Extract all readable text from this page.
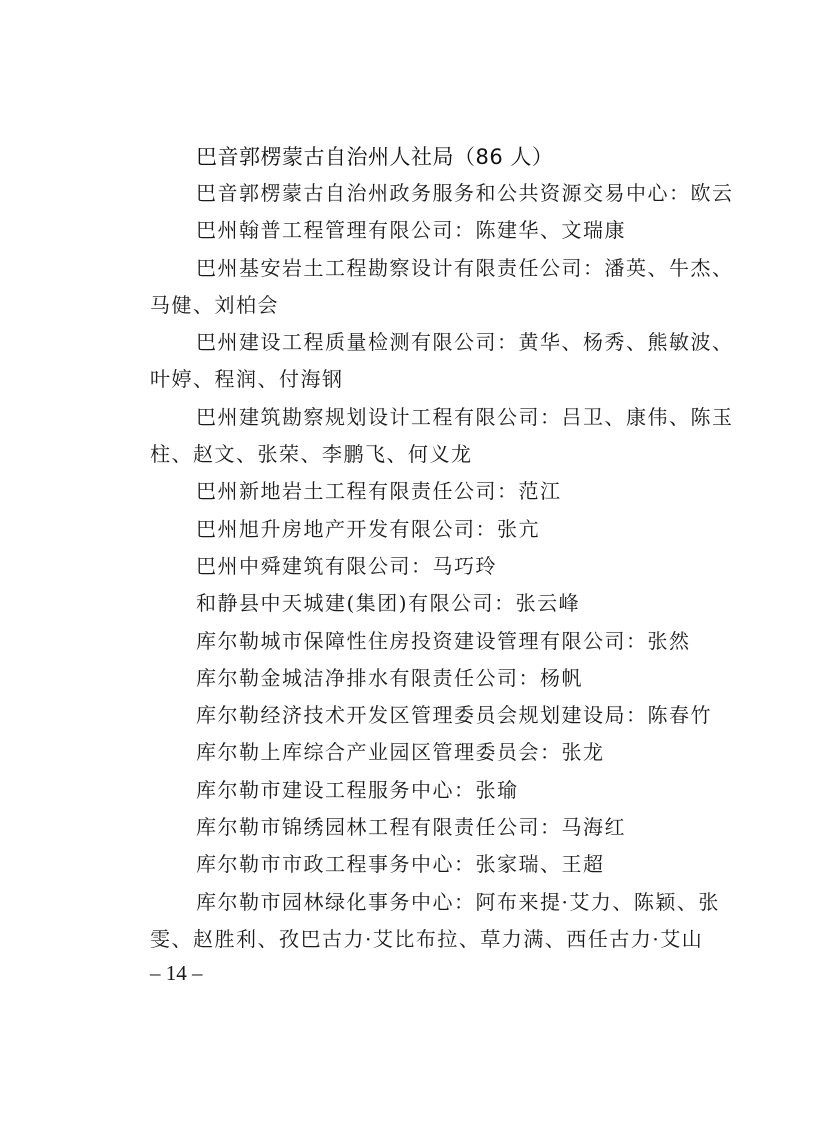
巴音郭楞蒙古自治州人社局（86 人）

巴音郭楞蒙古自治州政务服务和公共资源交易中心：欧云

巴州翰普工程管理有限公司：陈建华、文瑞康

巴州基安岩土工程勘察设计有限责任公司：潘英、牛杰、马健、刘柏会

巴州建设工程质量检测有限公司：黄华、杨秀、熊敏波、叶婷、程润、付海钢

巴州建筑勘察规划设计工程有限公司：吕卫、康伟、陈玉柱、赵文、张荣、李鹏飞、何义龙

巴州新地岩土工程有限责任公司：范江

巴州旭升房地产开发有限公司：张亢

巴州中舜建筑有限公司：马巧玲

和静县中天城建(集团)有限公司：张云峰

库尔勒城市保障性住房投资建设管理有限公司：张然

库尔勒金城洁净排水有限责任公司：杨帆

库尔勒经济技术开发区管理委员会规划建设局：陈春竹

库尔勒上库综合产业园区管理委员会：张龙

库尔勒市建设工程服务中心：张瑜

库尔勒市锦绣园林工程有限责任公司：马海红

库尔勒市市政工程事务中心：张家瑞、王超

库尔勒市园林绿化事务中心：阿布来提·艾力、陈颖、张雯、赵胜利、孜巴古力·艾比布拉、草力满、西任古力·艾山

– 14 –
